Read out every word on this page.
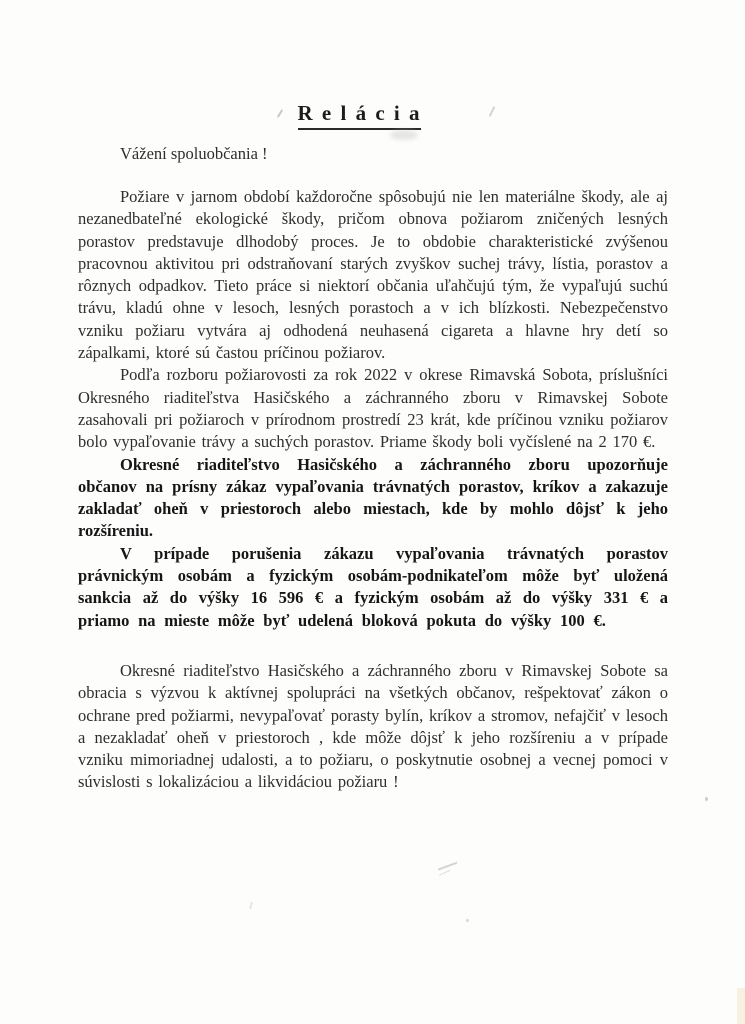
R e l á c i a
Vážení spoluobčania !

Požiare v jarnom období každoročne spôsobujú nie len materiálne škody, ale aj nezanedbateľné ekologické škody, pričom obnova požiarom zničených lesných porastov predstavuje dlhodobý proces. Je to obdobie charakteristické zvýšenou pracovnou aktivitou pri odstraňovaní starých zvyškov suchej trávy, lístia, porastov a rôznych odpadkov. Tieto práce si niektorí občania uľahčujú tým, že vypaľujú suchú trávu, kladú ohne v lesoch, lesných porastoch a v ich blízkosti. Nebezpečenstvo vzniku požiaru vytvára aj odhodená neuhasená cigareta a hlavne hry detí so zápalkami, ktoré sú častou príčinou požiarov.

Podľa rozboru požiarovosti za rok 2022 v okrese Rimavská Sobota, príslušníci Okresného riaditeľstva Hasičského a záchranného zboru v Rimavskej Sobote zasahovali pri požiaroch v prírodnom prostredí 23 krát, kde príčinou vzniku požiarov bolo vypaľovanie trávy a suchých porastov. Priame škody boli vyčíslené na 2 170 €.

Okresné riaditeľstvo Hasičského a záchranného zboru upozorňuje občanov na prísny zákaz vypaľovania trávnatých porastov, kríkov a zakazuje zakladať oheň v priestoroch alebo miestach, kde by mohlo dôjsť k jeho rozšíreniu.

V prípade porušenia zákazu vypaľovania trávnatých porastov právnickým osobám a fyzickým osobám-podnikateľom môže byť uložená sankcia až do výšky 16 596 € a fyzickým osobám až do výšky 331 € a priamo na mieste môže byť udelená bloková pokuta do výšky 100 €.

Okresné riaditeľstvo Hasičského a záchranného zboru v Rimavskej Sobote sa obracia s výzvou k aktívnej spolupráci na všetkých občanov, rešpektovať zákon o ochrane pred požiarmi, nevypaľovať porasty bylín, kríkov a stromov, nefajčiť v lesoch a nezakladať oheň v priestoroch , kde môže dôjsť k jeho rozšíreniu a v prípade vzniku mimoriadnej udalosti, a to požiaru, o poskytnutie osobnej a vecnej pomoci v súvislosti s lokalizáciou a likvidáciou požiaru !
